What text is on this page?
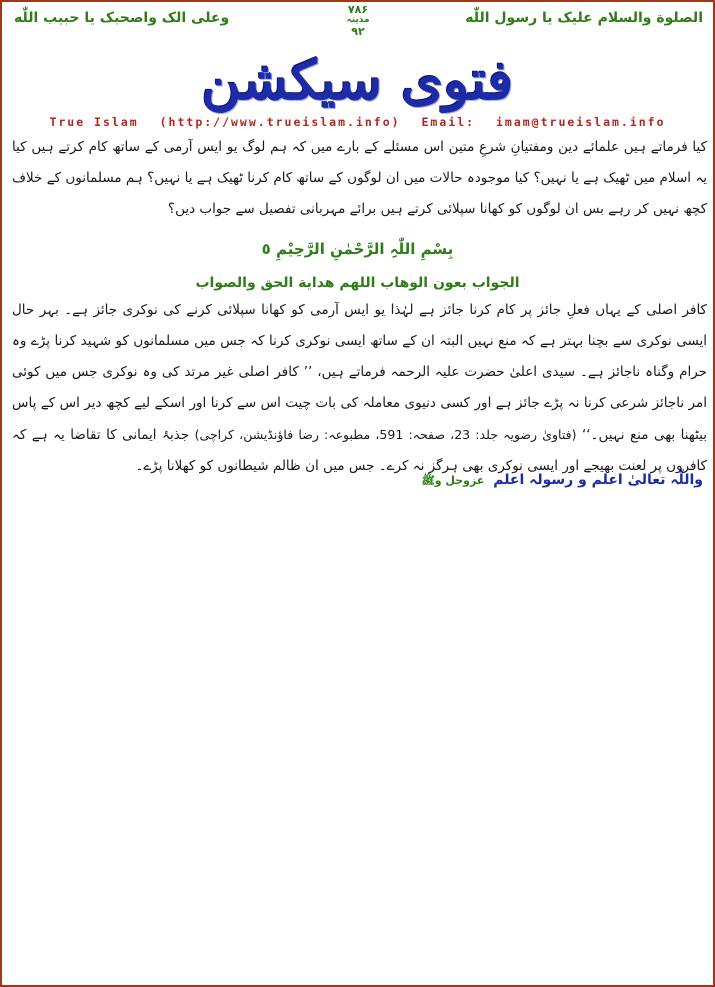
الصلوة والسلام عليک يا رسول اللّٰه
۷۸۶
مدینہ
۹۲
وعلى الک واصحبک يا حبيب اللّٰه
فتوی سیکشن
True Islam (http://www.trueislam.info) Email: imam@trueislam.info
کیا فرماتے ہیں علمائے دین ومفتیانِ شرعِ متین اس مسئلے کے بارے میں کہ ہم لوگ یو ایس آرمی کے ساتھ کام کرتے ہیں کیا یہ اسلام میں ٹھیک ہے یا نہیں؟ کیا موجودہ حالات میں ان لوگوں کے ساتھ کام کرنا ٹھیک ہے یا نہیں؟ ہم مسلمانوں کے خلاف کچھ نہیں کر رہے بس ان لوگوں کو کھانا سپلائی کرتے ہیں برائے مہربانی تفصیل سے جواب دیں؟
بِسْمِ اللّٰہِ الرَّحْمٰنِ الرَّحِیْمِ ٥
الجواب بعون الوهاب اللهم هداية الحق والصواب
کافر اصلی کے یہاں فعلِ جائز پر کام کرنا جائز ہے لہٰذا یو ایس آرمی کو کھانا سپلائی کرنے کی نوکری جائز ہے۔ بہر حال ایسی نوکری سے بچنا بہتر ہے کہ منع نہیں البتہ ان کے ساتھ ایسی نوکری کرنا کہ جس میں مسلمانوں کو شہید کرنا پڑے وہ حرام وگناہ ناجائز ہے۔ سیدی اعلیٰ حضرت علیہ الرحمہ فرماتے ہیں، ’’ کافر اصلی غیر مرتد کی وہ نوکری جس میں کوئی امر ناجائز شرعی کرنا نہ پڑے جائز ہے اور کسی دنیوی معاملہ کی بات چیت اس سے کرنا اور اسکے لیے کچھ دیر اس کے پاس بیٹھنا بھی منع نہیں۔‘‘ (فتاویٰ رضویہ جلد: 23، صفحہ: 591، مطبوعہ: رضا فاؤنڈیشن، کراچی) جذبۂ ایمانی کا تقاضا یہ ہے کہ کافروں پر لعنت بھیجے اور ایسی نوکری بھی ہرگز نہ کرے۔ جس میں ان ظالم شیطانوں کو کھلانا پڑے۔
واللّٰہ تعالیٰ اعلم و رسولہ اعلم عزوجل وﷺ
